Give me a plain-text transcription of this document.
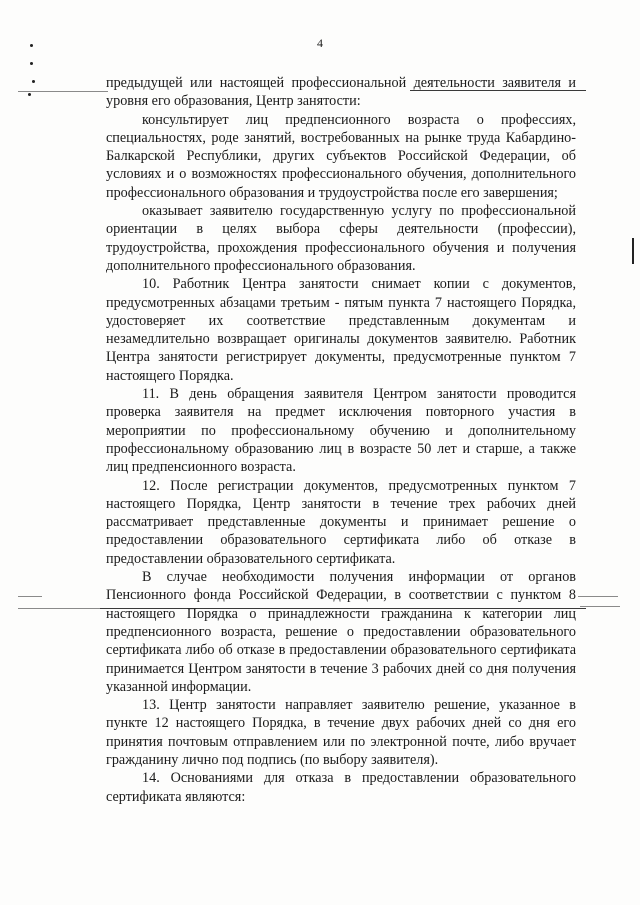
4

предыдущей или настоящей профессиональной деятельности заявителя и уровня его образования, Центр занятости:

консультирует лиц предпенсионного возраста о профессиях, специальностях, роде занятий, востребованных на рынке труда Кабардино-Балкарской Республики, других субъектов Российской Федерации, об условиях и о возможностях профессионального обучения, дополнительного профессионального образования и трудоустройства после его завершения;

оказывает заявителю государственную услугу по профессиональной ориентации в целях выбора сферы деятельности (профессии), трудоустройства, прохождения профессионального обучения и получения дополнительного профессионального образования.

10. Работник Центра занятости снимает копии с документов, предусмотренных абзацами третьим - пятым пункта 7 настоящего Порядка, удостоверяет их соответствие представленным документам и незамедлительно возвращает оригиналы документов заявителю. Работник Центра занятости регистрирует документы, предусмотренные пунктом 7 настоящего Порядка.

11. В день обращения заявителя Центром занятости проводится проверка заявителя на предмет исключения повторного участия в мероприятии по профессиональному обучению и дополнительному профессиональному образованию лиц в возрасте 50 лет и старше, а также лиц предпенсионного возраста.

12. После регистрации документов, предусмотренных пунктом 7 настоящего Порядка, Центр занятости в течение трех рабочих дней рассматривает представленные документы и принимает решение о предоставлении образовательного сертификата либо об отказе в предоставлении образовательного сертификата.

В случае необходимости получения информации от органов Пенсионного фонда Российской Федерации, в соответствии с пунктом 8 настоящего Порядка о принадлежности гражданина к категории лиц предпенсионного возраста, решение о предоставлении образовательного сертификата либо об отказе в предоставлении образовательного сертификата принимается Центром занятости в течение 3 рабочих дней со дня получения указанной информации.

13. Центр занятости направляет заявителю решение, указанное в пункте 12 настоящего Порядка, в течение двух рабочих дней со дня его принятия почтовым отправлением или по электронной почте, либо вручает гражданину лично под подпись (по выбору заявителя).

14. Основаниями для отказа в предоставлении образовательного сертификата являются:
